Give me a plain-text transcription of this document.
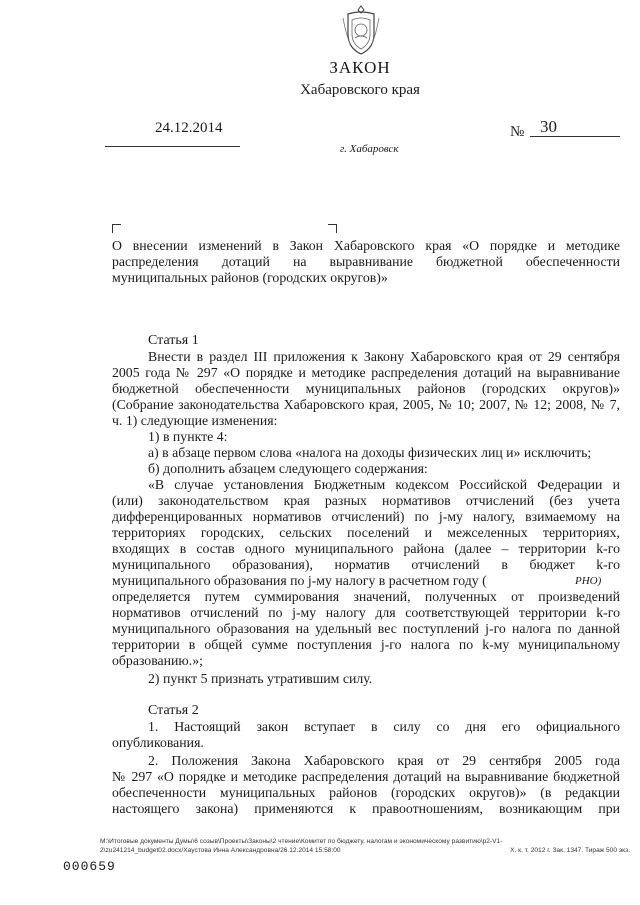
ЗАКОН
Хабаровского края
24.12.2014	№ 30
г. Хабаровск
О внесении изменений в Закон Хабаровского края «О порядке и методике
распределения дотаций на выравнивание бюджетной обеспеченности
муниципальных районов (городских округов)»
Статья 1
Внести в раздел III приложения к Закону Хабаровского края от 29 сентября
2005 года № 297 «О порядке и методике распределения дотаций на выравнивание
бюджетной обеспеченности муниципальных районов (городских округов)»
(Собрание законодательства Хабаровского края, 2005, № 10; 2007, № 12; 2008, № 7,
ч. 1) следующие изменения:
1) в пункте 4:
а) в абзаце первом слова «налога на доходы физических лиц и» исключить;
б) дополнить абзацем следующего содержания:
«В случае установления Бюджетным кодексом Российской Федерации и
(или) законодательством края разных нормативов отчислений (без учета
дифференцированных нормативов отчислений) по j-му налогу, взимаемому на
территориях городских, сельских поселений и межселенных территориях,
входящих в состав одного муниципального района (далее – территории k-го
муниципального образования), норматив отчислений в бюджет k-го
муниципального образования по j-му налогу в расчетном году (	РНО)
определяется путем суммирования значений, полученных от произведений
нормативов отчислений по j-му налогу для соответствующей территории k-го
муниципального образования на удельный вес поступлений j-го налога по данной
территории в общей сумме поступления j-го налога по k-му муниципальному
образованию.»;
2) пункт 5 признать утратившим силу.
Статья 2
1. Настоящий закон вступает в силу со дня его официального
опубликования.
2. Положения Закона Хабаровского края от 29 сентября 2005 года
№ 297 «О порядке и методике распределения дотаций на выравнивание бюджетной
обеспеченности муниципальных районов (городских округов)» (в редакции
настоящего закона) применяются к правоотношениям, возникающим при
М:\Итоговые документы Думы\6 созыв\Проекты\Законы\2 чтение\Комитет по бюджету, налогам и экономическому развитию\p2-V1-
2\zu241214_budget02.docx/Хаустова Инна Александровна/26.12.2014 15:58:00	Х. к. т. 2012 г. Зак. 1347. Тираж 500 экз.
000659
